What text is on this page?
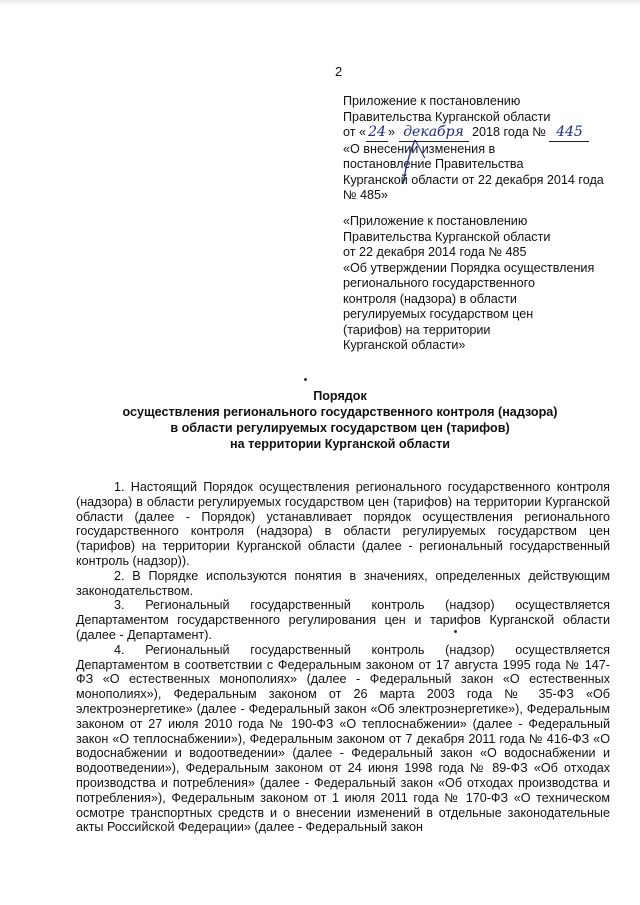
2
Приложение к постановлению
Правительства Курганской области
от « 24 » декабря 2018 года № 445
«О внесении изменения в
постановление Правительства
Курганской области от 22 декабря 2014 года
№ 485»
«Приложение к постановлению
Правительства Курганской области
от 22 декабря 2014 года № 485
«Об утверждении Порядка осуществления
регионального государственного
контроля (надзора) в области
регулируемых государством цен
(тарифов) на территории
Курганской области»
Порядок
осуществления регионального государственного контроля (надзора)
в области регулируемых государством цен (тарифов)
на территории Курганской области

1. Настоящий Порядок осуществления регионального государственного контроля (надзора) в области регулируемых государством цен (тарифов) на территории Курганской области (далее - Порядок) устанавливает порядок осуществления регионального государственного контроля (надзора) в области регулируемых государством цен (тарифов) на территории Курганской области (далее - региональный государственный контроль (надзор)).

2. В Порядке используются понятия в значениях, определенных действующим законодательством.

3. Региональный государственный контроль (надзор) осуществляется Департаментом государственного регулирования цен и тарифов Курганской области (далее - Департамент).

4. Региональный государственный контроль (надзор) осуществляется Департаментом в соответствии с Федеральным законом от 17 августа 1995 года № 147-ФЗ «О естественных монополиях» (далее - Федеральный закон «О естественных монополиях»), Федеральным законом от 26 марта 2003 года № 35-ФЗ «Об электроэнергетике» (далее - Федеральный закон «Об электроэнергетике»), Федеральным законом от 27 июля 2010 года № 190-ФЗ «О теплоснабжении» (далее - Федеральный закон «О теплоснабжении»), Федеральным законом от 7 декабря 2011 года № 416-ФЗ «О водоснабжении и водоотведении» (далее - Федеральный закон «О водоснабжении и водоотведении»), Федеральным законом от 24 июня 1998 года № 89-ФЗ «Об отходах производства и потребления» (далее - Федеральный закон «Об отходах производства и потребления»), Федеральным законом от 1 июля 2011 года № 170-ФЗ «О техническом осмотре транспортных средств и о внесении изменений в отдельные законодательные акты Российской Федерации» (далее - Федеральный закон
